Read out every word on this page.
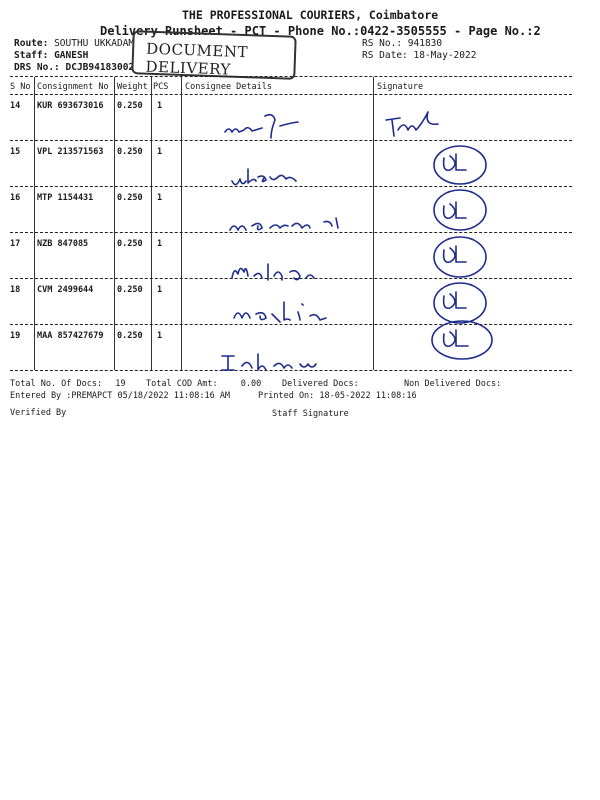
THE PROFESSIONAL COURIERS, Coimbatore
Delivery Runsheet - PCT - Phone No.:0422-3505555 - Page No.:2
Route: SOUTHU UKKADAM
Staff: GANESH
DRS No.: DCJB94183002
RS No.: 941830
RS Date: 18-May-2022
DOCUMENT DELIVERY
S No Consignment No Weight PCS Consignee Details	Signature
14 KUR 693673016 0.250 1
15 VPL 213571563 0.250 1
16 MTP 1154431	0.250 1
17 NZB 847085	0.250 1
18 CVM 2499644	0.250 1
19 MAA 857427679 0.250 1
Total No. Of Docs: 19 Total COD Amt:	0.00 Delivered Docs:	Non Delivered Docs:
Entered By :PREMAPCT 05/18/2022 11:08:16 AM	Printed On: 18-05-2022 11:08:16
Verified By	Staff Signature
